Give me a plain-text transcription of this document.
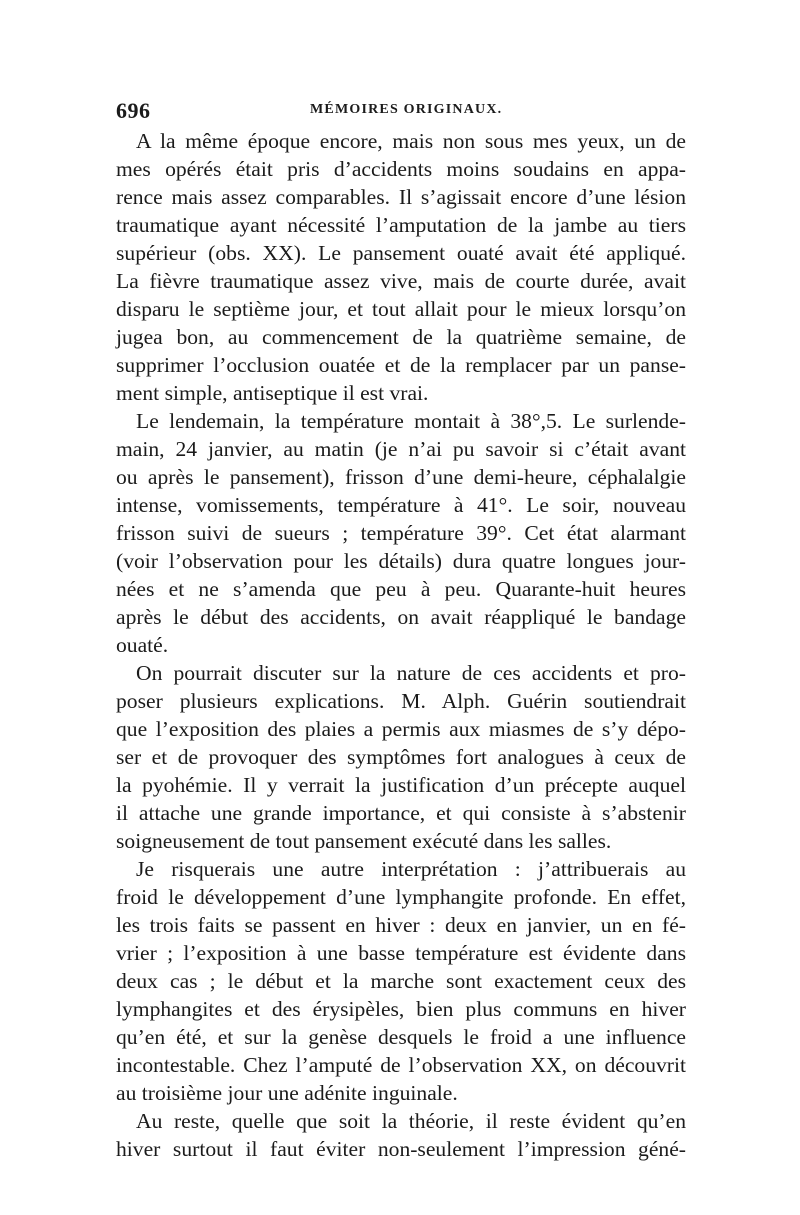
696	MÉMOIRES ORIGINAUX.
A la même époque encore, mais non sous mes yeux, un de
mes opérés était pris d’accidents moins soudains en appa-
rence mais assez comparables. Il s’agissait encore d’une lésion
traumatique ayant nécessité l’amputation de la jambe au tiers
supérieur (obs. XX). Le pansement ouaté avait été appliqué.
La fièvre traumatique assez vive, mais de courte durée, avait
disparu le septième jour, et tout allait pour le mieux lorsqu’on
jugea bon, au commencement de la quatrième semaine, de
supprimer l’occlusion ouatée et de la remplacer par un panse-
ment simple, antiseptique il est vrai.
Le lendemain, la température montait à 38°,5. Le surlende-
main, 24 janvier, au matin (je n’ai pu savoir si c’était avant
ou après le pansement), frisson d’une demi-heure, céphalalgie
intense, vomissements, température à 41°. Le soir, nouveau
frisson suivi de sueurs ; température 39°. Cet état alarmant
(voir l’observation pour les détails) dura quatre longues jour-
nées et ne s’amenda que peu à peu. Quarante-huit heures
après le début des accidents, on avait réappliqué le bandage
ouaté.
On pourrait discuter sur la nature de ces accidents et pro-
poser plusieurs explications. M. Alph. Guérin soutiendrait
que l’exposition des plaies a permis aux miasmes de s’y dépo-
ser et de provoquer des symptômes fort analogues à ceux de
la pyohémie. Il y verrait la justification d’un précepte auquel
il attache une grande importance, et qui consiste à s’abstenir
soigneusement de tout pansement exécuté dans les salles.
Je risquerais une autre interprétation : j’attribuerais au
froid le développement d’une lymphangite profonde. En effet,
les trois faits se passent en hiver : deux en janvier, un en fé-
vrier ; l’exposition à une basse température est évidente dans
deux cas ; le début et la marche sont exactement ceux des
lymphangites et des érysipèles, bien plus communs en hiver
qu’en été, et sur la genèse desquels le froid a une influence
incontestable. Chez l’amputé de l’observation XX, on découvrit
au troisième jour une adénite inguinale.
Au reste, quelle que soit la théorie, il reste évident qu’en
hiver surtout il faut éviter non-seulement l’impression géné-
